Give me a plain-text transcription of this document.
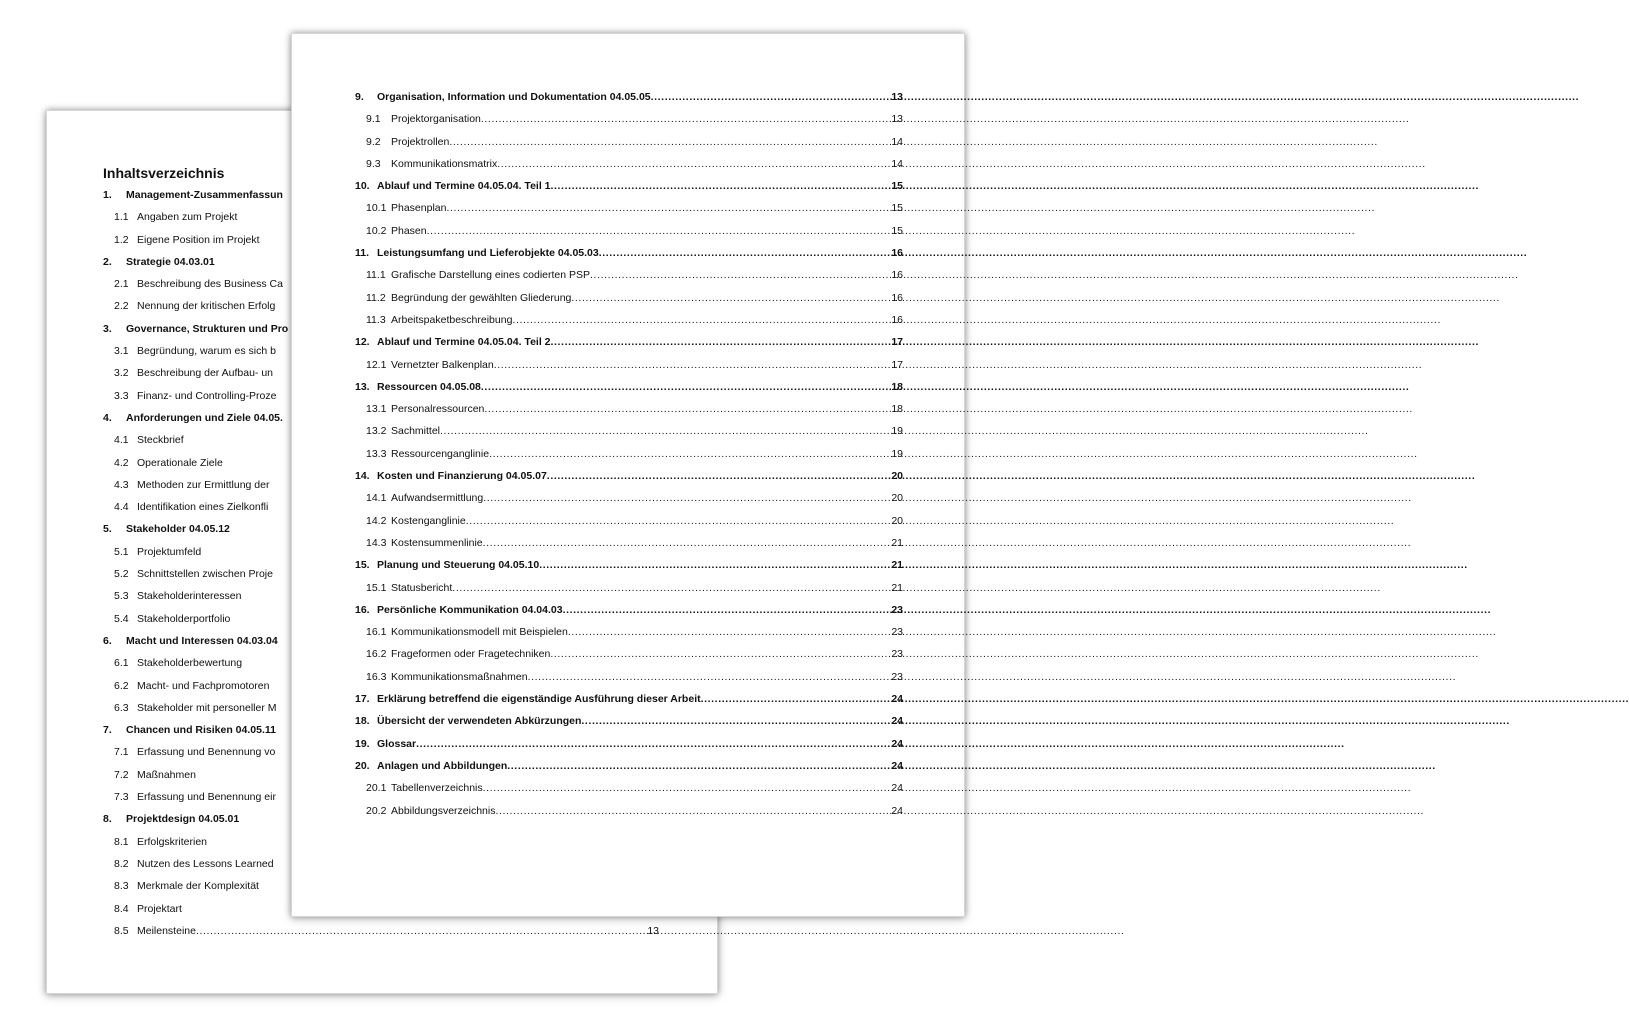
Inhaltsverzeichnis
1.	Management-Zusammenfassun
1.1 Angaben zum Projekt
1.2 Eigene Position im Projekt
2.	Strategie 04.03.01
2.1 Beschreibung des Business Ca
2.2 Nennung der kritischen Erfolg
3.	Governance, Strukturen und Pro
3.1 Begründung, warum es sich b
3.2 Beschreibung der Aufbau- un
3.3 Finanz- und Controlling-Proze
4.	Anforderungen und Ziele 04.05.
4.1 Steckbrief
4.2 Operationale Ziele
4.3 Methoden zur Ermittlung der
4.4 Identifikation eines Zielkonfli
5.	Stakeholder 04.05.12
5.1 Projektumfeld
5.2 Schnittstellen zwischen Proje
5.3 Stakeholderinteressen
5.4 Stakeholderportfolio
6.	Macht und Interessen 04.03.04
6.1 Stakeholderbewertung
6.2 Macht- und Fachpromotoren
6.3 Stakeholder mit personeller M
7.	Chancen und Risiken 04.05.11
7.1 Erfassung und Benennung vo
7.2 Maßnahmen
7.3 Erfassung und Benennung eir
8.	Projektdesign 04.05.01
8.1 Erfolgskriterien
8.2 Nutzen des Lessons Learned
8.3 Merkmale der Komplexität
8.4 Projektart
8.5 Meilensteine .....	13
9.	Organisation, Information und Dokumentation 04.05.05 .....	13
9.1 Projektorganisation .....	13
9.2 Projektrollen .....	14
9.3 Kommunikationsmatrix .....	14
10. Ablauf und Termine 04.05.04. Teil 1 .....	15
10.1 Phasenplan .....	15
10.2 Phasen .....	15
11. Leistungsumfang und Lieferobjekte 04.05.03 .....	16
11.1 Grafische Darstellung eines codierten PSP .....	16
11.2 Begründung der gewählten Gliederung .....	16
11.3 Arbeitspaketbeschreibung .....	16
12. Ablauf und Termine 04.05.04. Teil 2 .....	17
12.1 Vernetzter Balkenplan .....	17
13. Ressourcen 04.05.08 .....	18
13.1 Personalressourcen .....	18
13.2 Sachmittel .....	19
13.3 Ressourcenganglinie .....	19
14. Kosten und Finanzierung 04.05.07 .....	20
14.1 Aufwandsermittlung .....	20
14.2 Kostenganglinie .....	20
14.3 Kostensummenlinie .....	21
15. Planung und Steuerung 04.05.10 .....	21
15.1 Statusbericht .....	21
16. Persönliche Kommunikation 04.04.03 .....	23
16.1 Kommunikationsmodell mit Beispielen .....	23
16.2 Frageformen oder Fragetechniken .....	23
16.3 Kommunikationsmaßnahmen .....	23
17. Erklärung betreffend die eigenständige Ausführung dieser Arbeit .....	24
18. Übersicht der verwendeten Abkürzungen .....	24
19. Glossar .....	24
20. Anlagen und Abbildungen .....	24
20.1 Tabellenverzeichnis .....	24
20.2 Abbildungsverzeichnis .....	24
